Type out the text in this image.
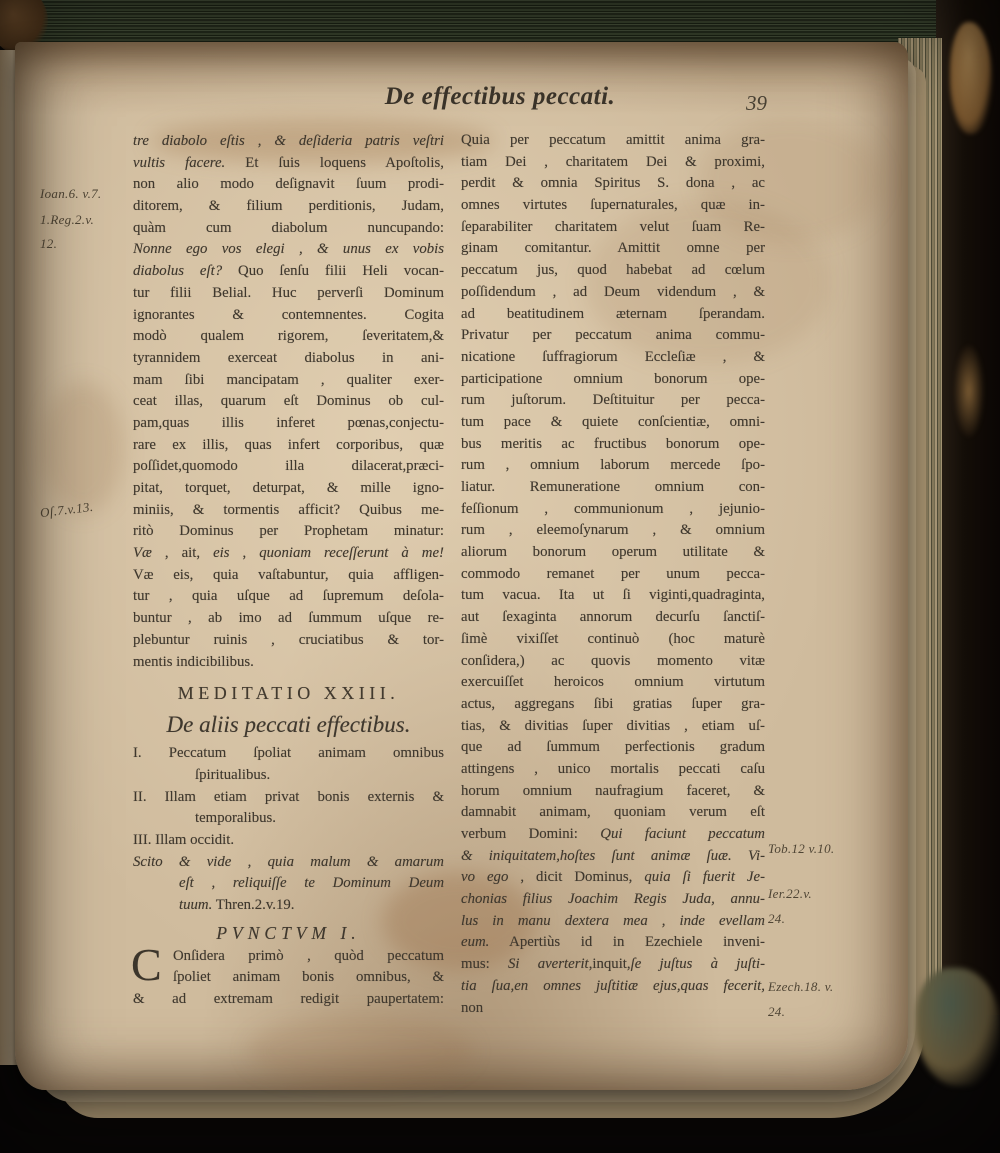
De effectibus peccati.	39
Ioan.6. v.7.
1.Reg.2.v.
12.
Oſ.7.v.13.
Tob.12 v.10.
Ier.22.v.
24.
Ezech.18. v.
24.
tre diabolo eſtis , & deſideria patris veſtri
vultis facere. Et ſuis loquens Apoſtolis,
non alio modo deſignavit ſuum prodi-
ditorem, & filium perditionis, Judam,
quàm cum diabolum nuncupando:
Nonne ego vos elegi , & unus ex vobis
diabolus eſt? Quo ſenſu filii Heli vocan-
tur filii Belial. Huc perverſi Dominum
ignorantes & contemnentes. Cogita
modò qualem rigorem, ſeveritatem,&
tyrannidem exerceat diabolus in ani-
mam ſibi mancipatam , qualiter exer-
ceat illas, quarum eſt Dominus ob cul-
pam,quas illis inferet pœnas,conjectu-
rare ex illis, quas infert corporibus, quæ
poſſidet,quomodo illa dilacerat,præci-
pitat, torquet, deturpat, & mille igno-
miniis, & tormentis afficit? Quibus me-
ritò Dominus per Prophetam minatur:
Væ , ait, eis , quoniam receſſerunt à me!
Væ eis, quia vaſtabuntur, quia affligen-
tur , quia uſque ad ſupremum deſola-
buntur , ab imo ad ſummum uſque re-
plebuntur ruinis , cruciatibus & tor-
mentis indicibilibus.
MEDITATIO XXIII.
De aliis peccati effectibus.
I. Peccatum ſpoliat animam omnibus
ſpiritualibus.
II. Illam etiam privat bonis externis &
temporalibus.
III. Illam occidit.
Scito & vide , quia malum & amarum
eſt , reliquiſſe te Dominum Deum
tuum. Thren.2.v.19.
PVNCTVM I.
C Onſidera primò , quòd peccatum
ſpoliet animam bonis omnibus, &
& ad extremam redigit paupertatem:
Quia per peccatum amittit anima gra-
tiam Dei , charitatem Dei & proximi,
perdit & omnia Spiritus S. dona , ac
omnes virtutes ſupernaturales, quæ in-
ſeparabiliter charitatem velut ſuam Re-
ginam comitantur. Amittit omne per
peccatum jus, quod habebat ad cœlum
poſſidendum , ad Deum videndum , &
ad beatitudinem æternam ſperandam.
Privatur per peccatum anima commu-
nicatione ſuffragiorum Eccleſiæ , &
participatione omnium bonorum ope-
rum juſtorum. Deſtituitur per pecca-
tum pace & quiete conſcientiæ, omni-
bus meritis ac fructibus bonorum ope-
rum , omnium laborum mercede ſpo-
liatur. Remuneratione omnium con-
feſſionum , communionum , jejunio-
rum , eleemoſynarum , & omnium
aliorum bonorum operum utilitate &
commodo remanet per unum pecca-
tum vacua. Ita ut ſi viginti,quadraginta,
aut ſexaginta annorum decurſu ſanctiſ-
ſimè vixiſſet continuò (hoc maturè
conſidera,) ac quovis momento vitæ
exercuiſſet heroicos omnium virtutum
actus, aggregans ſibi gratias ſuper gra-
tias, & divitias ſuper divitias , etiam uſ-
que ad ſummum perfectionis gradum
attingens , unico mortalis peccati caſu
horum omnium naufragium faceret, &
damnabit animam, quoniam verum eſt
verbum Domini: Qui faciunt peccatum
& iniquitatem,hoſtes ſunt animæ ſuæ. Vi-
vo ego , dicit Dominus, quia ſi fuerit Je-
chonias filius Joachim Regis Juda, annu-
lus in manu dextera mea , inde evellam
eum. Apertiùs id in Ezechiele inveni-
mus: Si averterit,inquit,ſe juſtus à juſti-
tia ſua,en omnes juſtitiæ ejus,quas fecerit,
non
